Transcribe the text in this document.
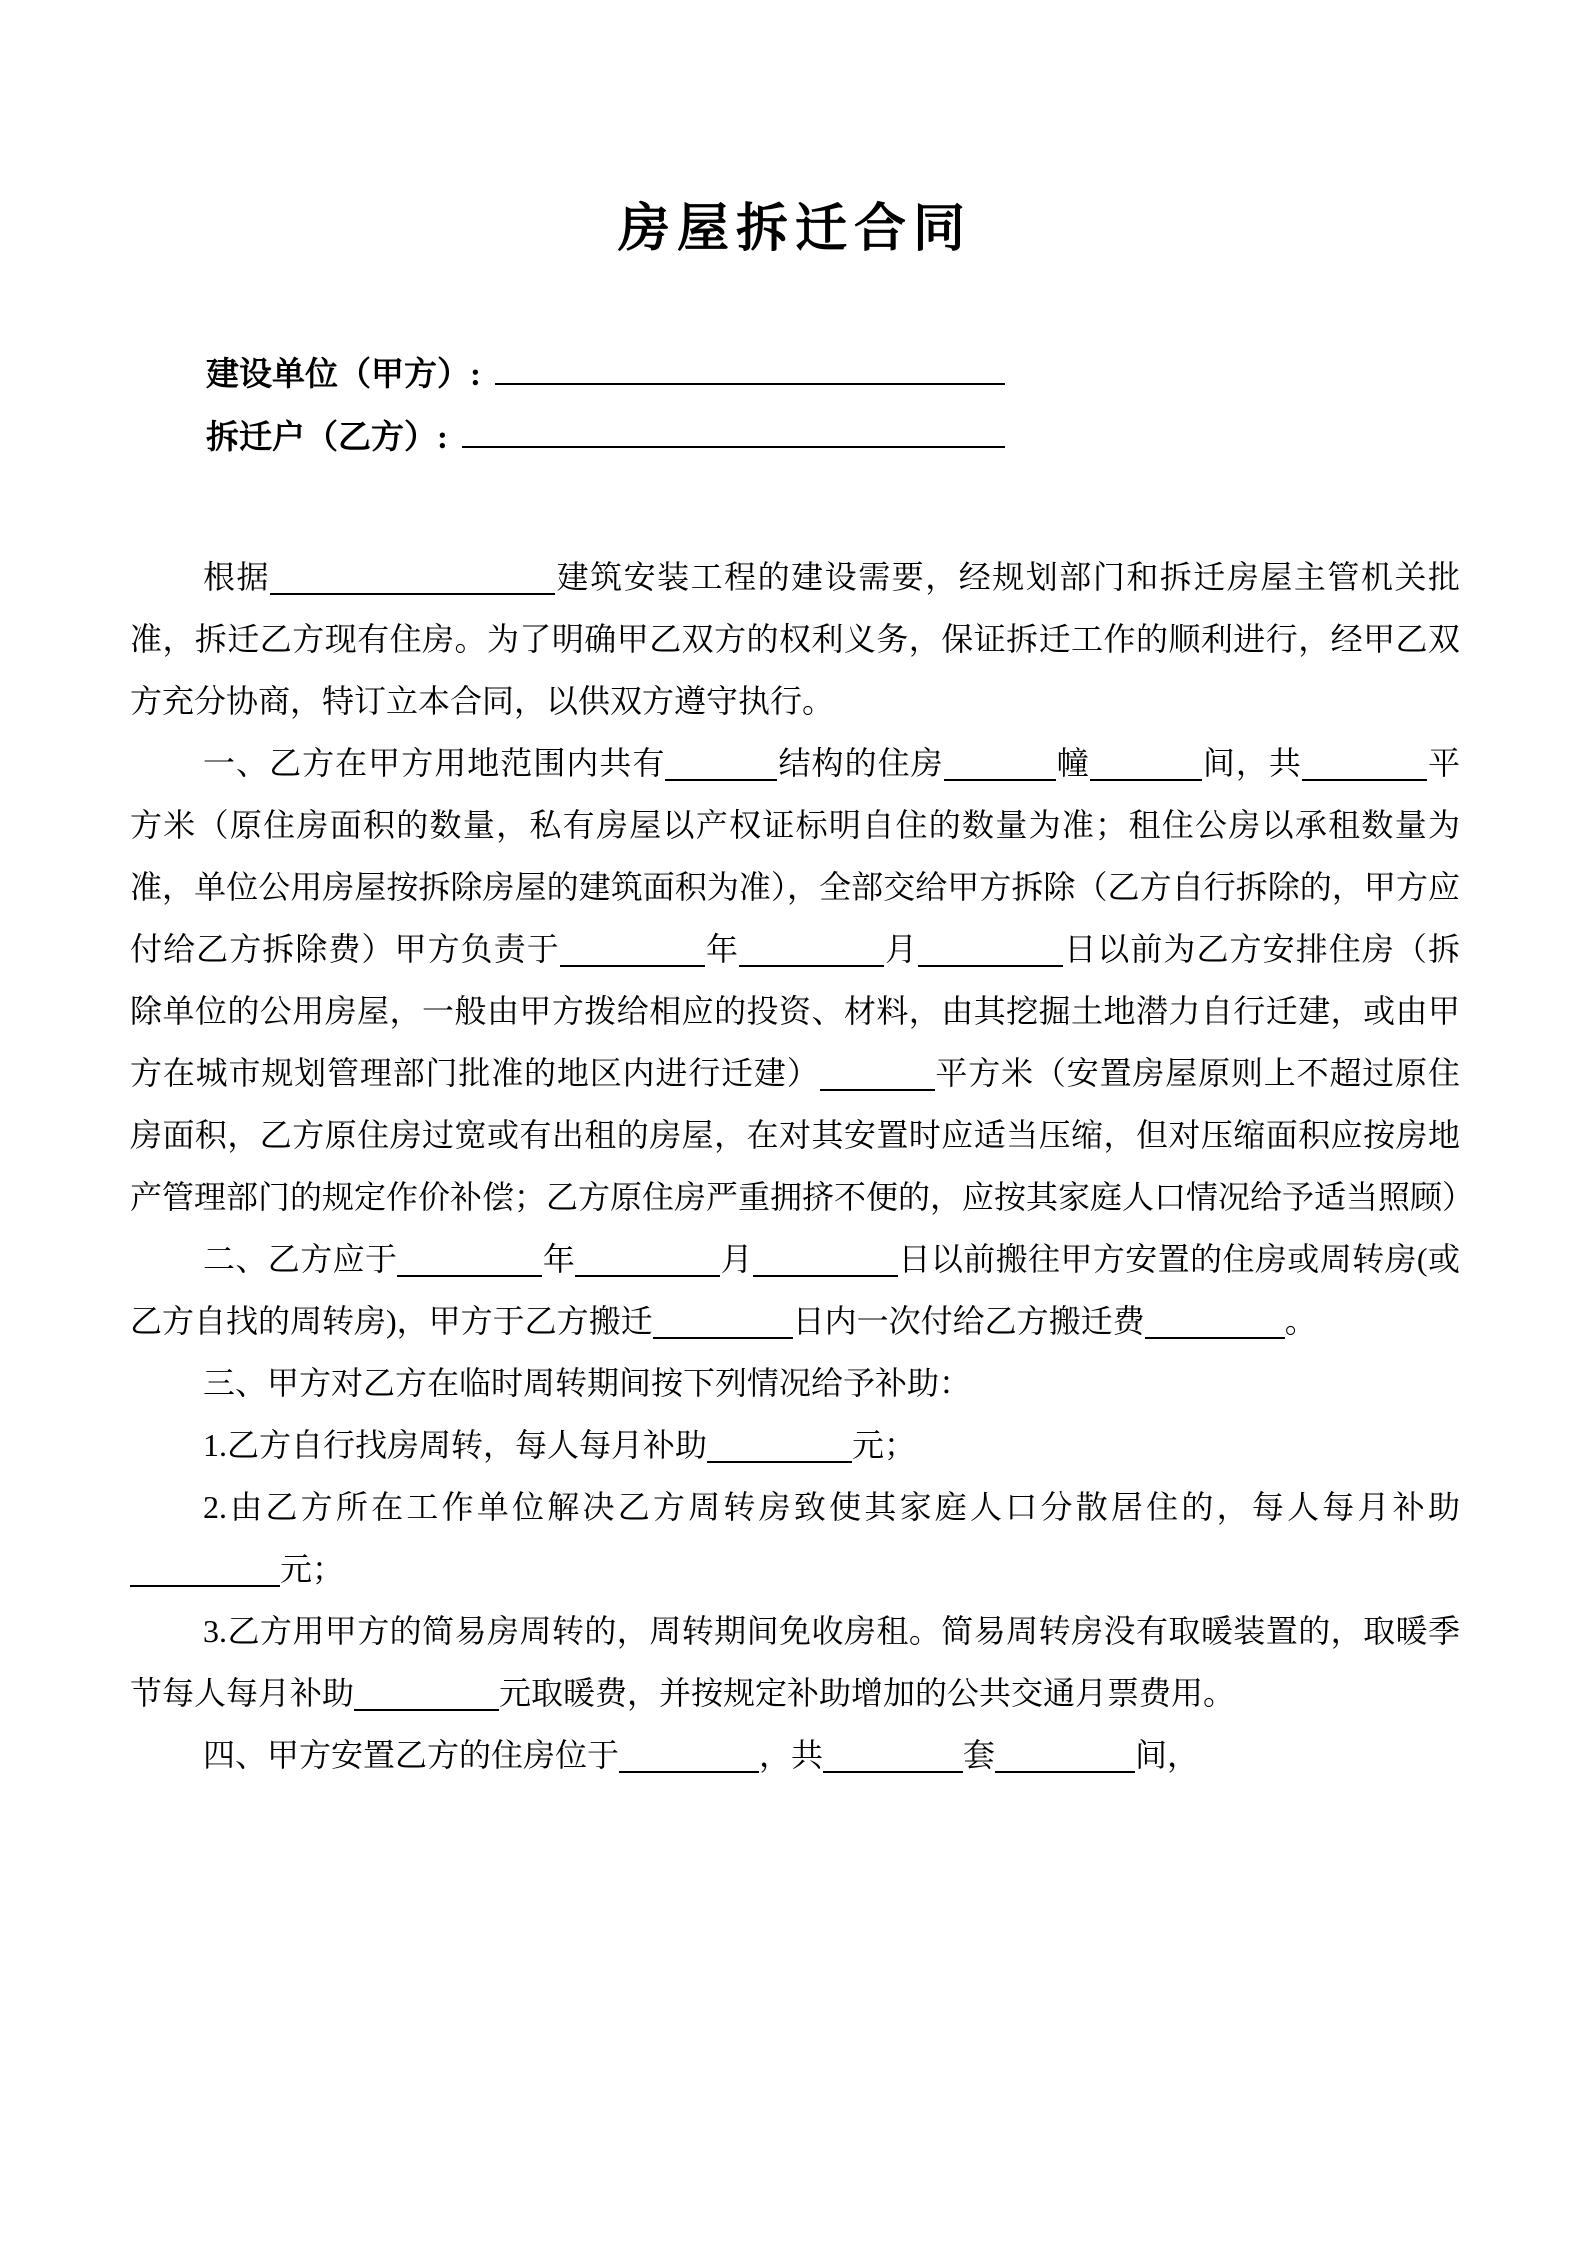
房屋拆迁合同
建设单位（甲方）:
拆迁户（乙方）:

根据	建筑安装工程的建设需要，经规划部门和拆迁房屋主管机关批准，拆迁乙方现有住房。为了明确甲乙双方的权利义务，保证拆迁工作的顺利进行，经甲乙双方充分协商，特订立本合同，以供双方遵守执行。

一、乙方在甲方用地范围内共有	结构的住房	幢	间，共	平方米（原住房面积的数量，私有房屋以产权证标明自住的数量为准；租住公房以承租数量为准，单位公用房屋按拆除房屋的建筑面积为准），全部交给甲方拆除（乙方自行拆除的，甲方应付给乙方拆除费）甲方负责于	年	月	日以前为乙方安排住房（拆除单位的公用房屋，一般由甲方拨给相应的投资、材料，由其挖掘土地潜力自行迁建，或由甲方在城市规划管理部门批准的地区内进行迁建）	平方米（安置房屋原则上不超过原住房面积，乙方原住房过宽或有出租的房屋，在对其安置时应适当压缩，但对压缩面积应按房地产管理部门的规定作价补偿；乙方原住房严重拥挤不便的，应按其家庭人口情况给予适当照顾）

二、乙方应于	年	月	日以前搬往甲方安置的住房或周转房(或乙方自找的周转房)，甲方于乙方搬迁	日内一次付给乙方搬迁费	。

三、甲方对乙方在临时周转期间按下列情况给予补助：

1.乙方自行找房周转，每人每月补助	元；

2.由乙方所在工作单位解决乙方周转房致使其家庭人口分散居住的，每人每月补助元；

3.乙方用甲方的简易房周转的，周转期间免收房租。简易周转房没有取暖装置的，取暖季节每人每月补助	元取暖费，并按规定补助增加的公共交通月票费用。

四、甲方安置乙方的住房位于	，共	套	间，
